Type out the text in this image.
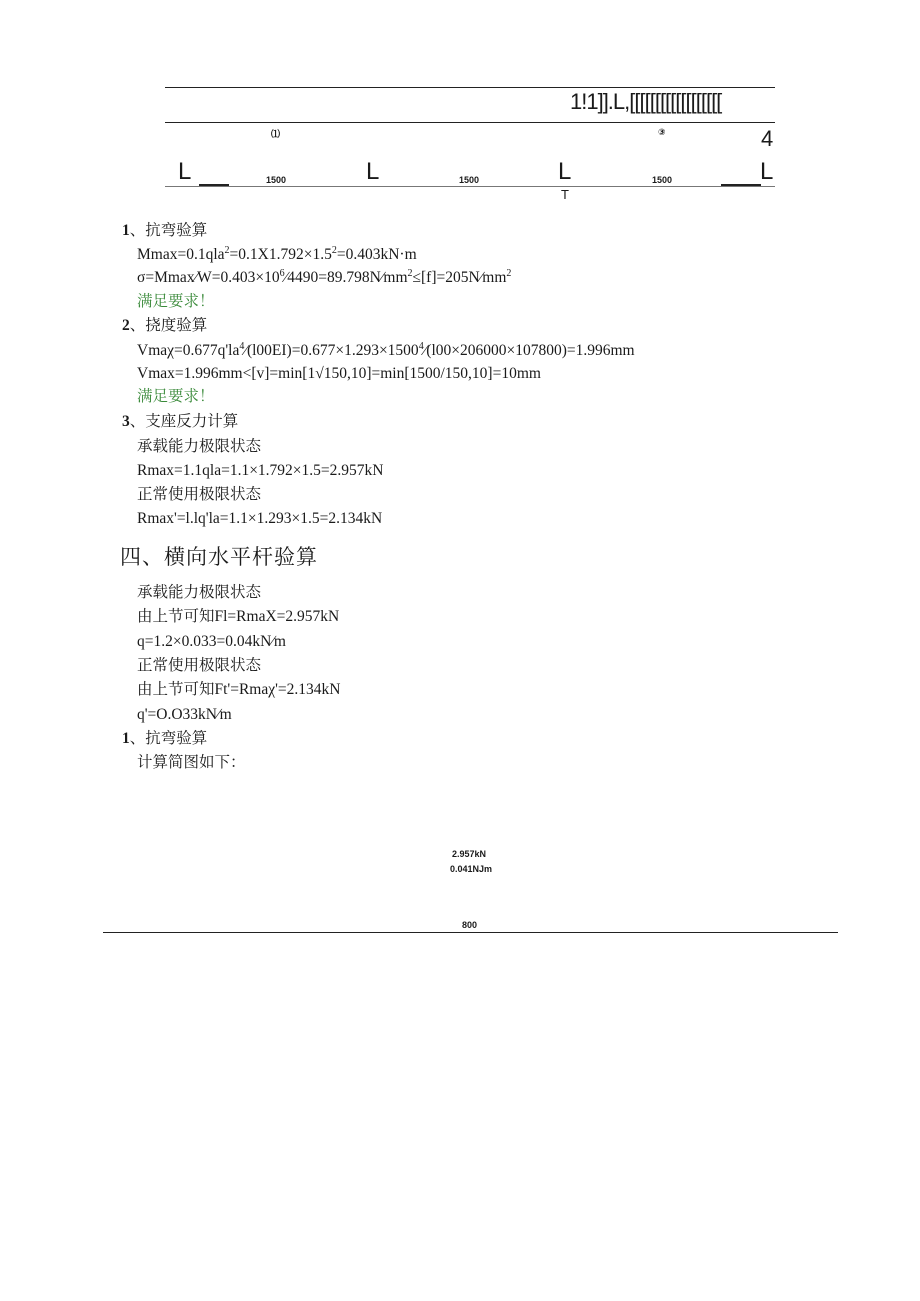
1!1]].L,[[[[[[[[[[[[[[[[[[
⑴	③	4
L	1500	L	1500	L
T
1500	L
1、抗弯验算
$Mmax=0.1qla^2=0.1X1.792\times 1.5^2=0.403kN\cdot m$
$\sigma=Mmax∕W=0.403\times 10^6∕4490=89.798N∕mm^2\le[f]=205N∕mm^2$
满足要求！
2、挠度验算
$Vma\chi=0.677q'la^4∕(l00EI)=0.677\times 1.293\times 1500^4∕(l00\times 206000\times 107800)=1.996mm$
Vmax=1.996mm<[v]=min[1√150,10]=min[1500/150,10]=10mm
满足要求！
3、支座反力计算
承载能力极限状态
Rmax=1.1qla=1.1×1.792×1.5=2.957kN
正常使用极限状态
Rmax'=l.lq'la=1.1×1.293×1.5=2.134kN
四、横向水平杆验算
承载能力极限状态
由上节可知Fl=RmaX=2.957kN
q=1.2×0.033=0.04kN∕m
正常使用极限状态
由上节可知Ft'=Rmaχ'=2.134kN
q'=O.O33kN∕m
1、抗弯验算
计算简图如下：
2.957kN
0.041NJm
800
